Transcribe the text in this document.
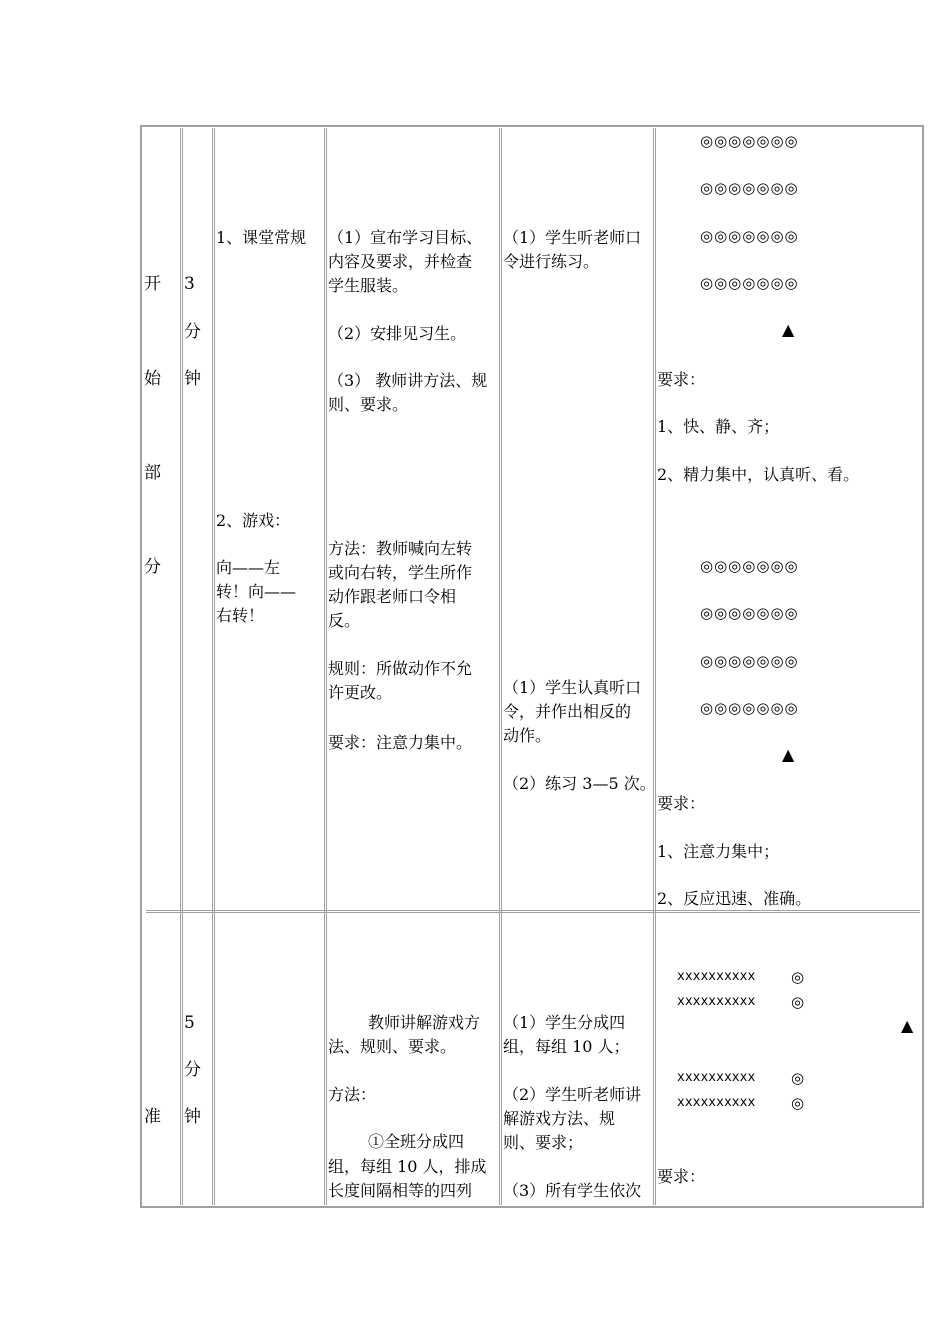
开
始
部
分
3
分
钟
1、课堂常规
2、游戏：
向——左
转！向——
右转！
（1）宣布学习目标、
内容及要求，并检查
学生服装。
（2）安排见习生。
（3） 教师讲方法、规
则、要求。
方法：教师喊向左转
或向右转，学生所作
动作跟老师口令相
反。
规则：所做动作不允
许更改。
要求：注意力集中。
（1）学生听老师口
令进行练习。
（1）学生认真听口
令，并作出相反的
动作。
（2）练习 3—5 次。
◎◎◎◎◎◎◎
◎◎◎◎◎◎◎
◎◎◎◎◎◎◎
◎◎◎◎◎◎◎
▲
要求：
1、快、静、齐；
2、精力集中，认真听、看。
◎◎◎◎◎◎◎
◎◎◎◎◎◎◎
◎◎◎◎◎◎◎
◎◎◎◎◎◎◎
▲
要求：
1、注意力集中；
2、反应迅速、准确。
准
5
分
钟
教师讲解游戏方
法、规则、要求。
方法：
①全班分成四
组，每组 10 人，排成
长度间隔相等的四列
（1）学生分成四
组，每组 10 人；
（2）学生听老师讲
解游戏方法、规
则、要求；
（3）所有学生依次
xxxxxxxxxx ◎
xxxxxxxxxx ◎
▲
xxxxxxxxxx ◎
xxxxxxxxxx ◎
要求：
